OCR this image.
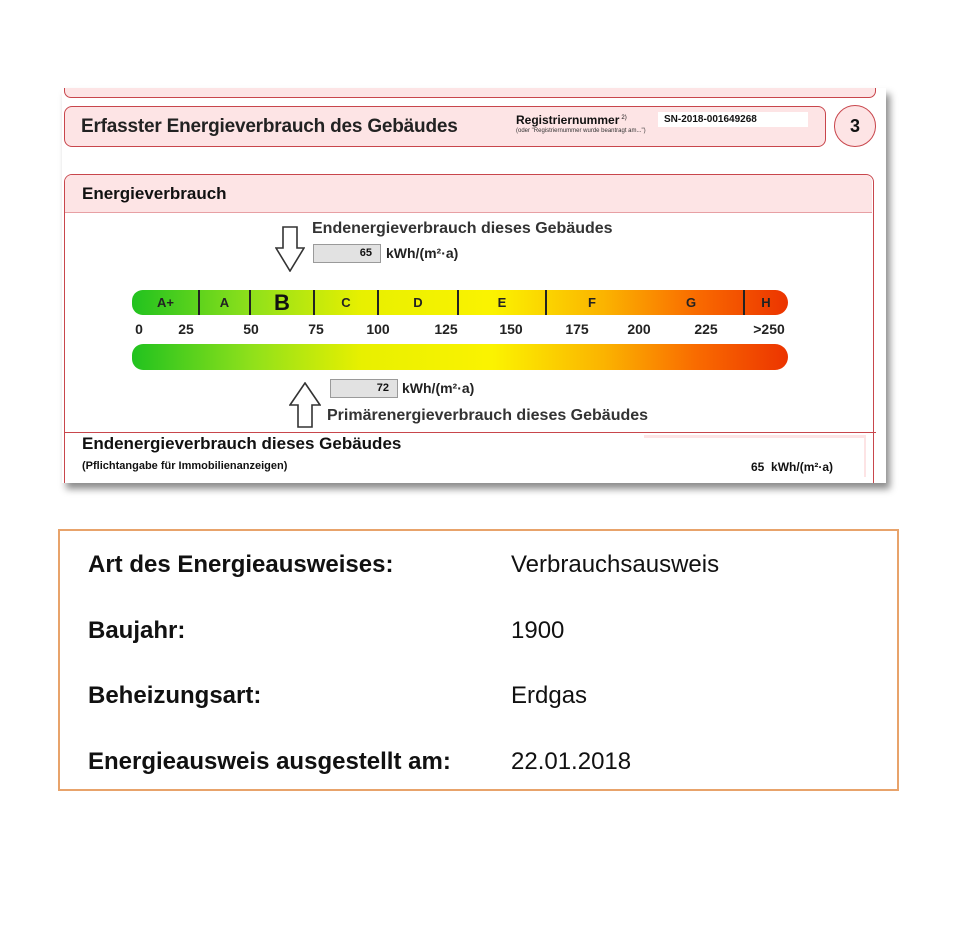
Erfasster Energieverbrauch des Gebäudes	Registriernummer $^{2)}$
(oder "Registriernummer wurde beantragt am...")
SN-2018-001649268	3
Energieverbrauch
Endenergieverbrauch dieses Gebäudes
65	kWh/(m²·a)
A+	A	B	C	D	E	F	G	H
0	25	50	75	100	125	150	175	200	225	>250
72 kWh/(m²·a)
Primärenergieverbrauch dieses Gebäudes
Endenergieverbrauch dieses Gebäudes
(Pflichtangabe für Immobilienanzeigen)	65 kWh/(m²·a)
Art des Energieausweises:	Verbrauchsausweis
Baujahr:	1900
Beheizungsart:	Erdgas
Energieausweis ausgestellt am:	22.01.2018
